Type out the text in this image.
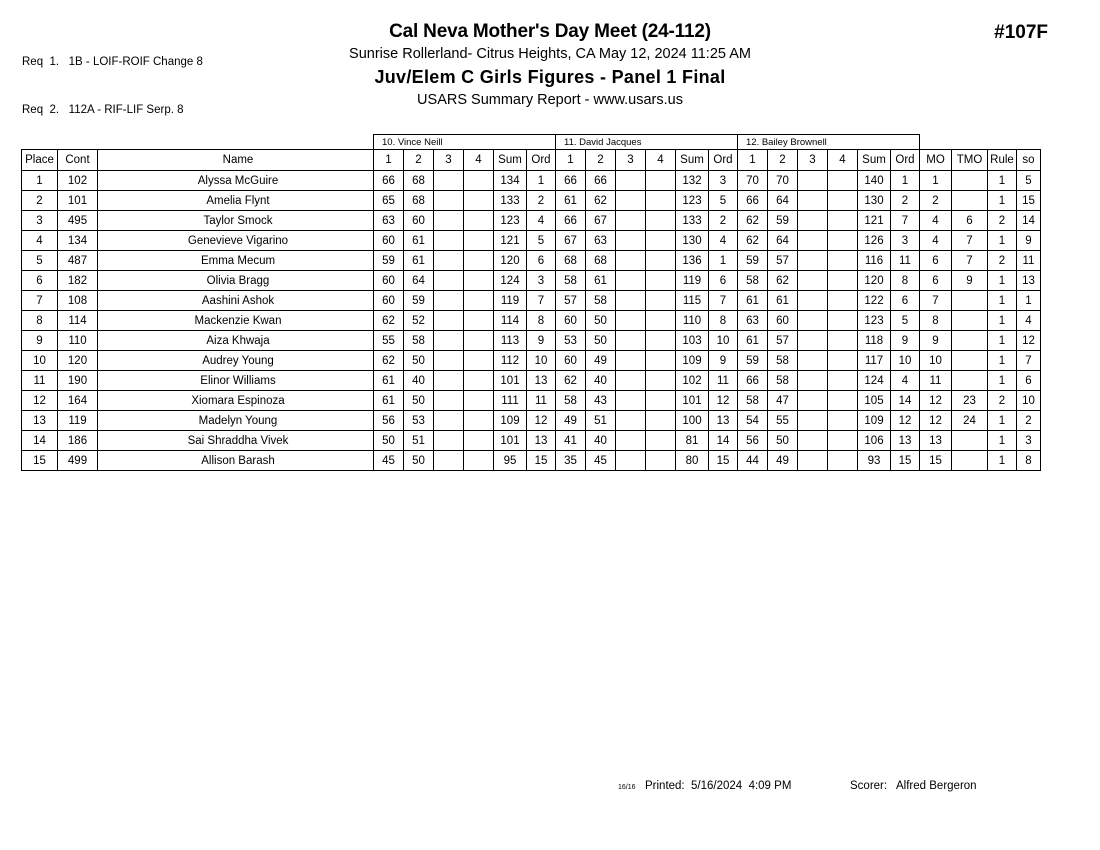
Req  1.   1B - LOIF-ROIF Change 8

Req  2.   112A - RIF-LIF Serp. 8

#107F
Cal Neva Mother's Day Meet (24-112)
Sunrise Rollerland- Citrus Heights, CA May 12, 2024 11:25 AM
Juv/Elem C Girls Figures - Panel 1 Final
USARS Summary Report - www.usars.us
			10. Vince Neill						11. David Jacques						12. Bailey Brownell									
Place	Cont	Name	1	2	3	4	Sum	Ord	1	2	3	4	Sum	Ord	1	2	3	4	Sum	Ord	MO	TMO	Rule	so
1	102	Alyssa McGuire	66	68			134	1	66	66			132	3	70	70			140	1	1		1	5
2	101	Amelia Flynt	65	68			133	2	61	62			123	5	66	64			130	2	2		1	15
3	495	Taylor Smock	63	60			123	4	66	67			133	2	62	59			121	7	4	6	2	14
4	134	Genevieve Vigarino	60	61			121	5	67	63			130	4	62	64			126	3	4	7	1	9
5	487	Emma Mecum	59	61			120	6	68	68			136	1	59	57			116	11	6	7	2	11
6	182	Olivia Bragg	60	64			124	3	58	61			119	6	58	62			120	8	6	9	1	13
7	108	Aashini Ashok	60	59			119	7	57	58			115	7	61	61			122	6	7		1	1
8	114	Mackenzie Kwan	62	52			114	8	60	50			110	8	63	60			123	5	8		1	4
9	110	Aiza Khwaja	55	58			113	9	53	50			103	10	61	57			118	9	9		1	12
10	120	Audrey Young	62	50			112	10	60	49			109	9	59	58			117	10	10		1	7
11	190	Elinor Williams	61	40			101	13	62	40			102	11	66	58			124	4	11		1	6
12	164	Xiomara Espinoza	61	50			111	11	58	43			101	12	58	47			105	14	12	23	2	10
13	119	Madelyn Young	56	53			109	12	49	51			100	13	54	55			109	12	12	24	1	2
14	186	Sai Shraddha Vivek	50	51			101	13	41	40			81	14	56	50			106	13	13		1	3
15	499	Allison Barash	45	50			95	15	35	45			80	15	44	49			93	15	15		1	8
16/16 Printed:  5/16/2024  4:09 PM	Scorer:   Alfred Bergeron
